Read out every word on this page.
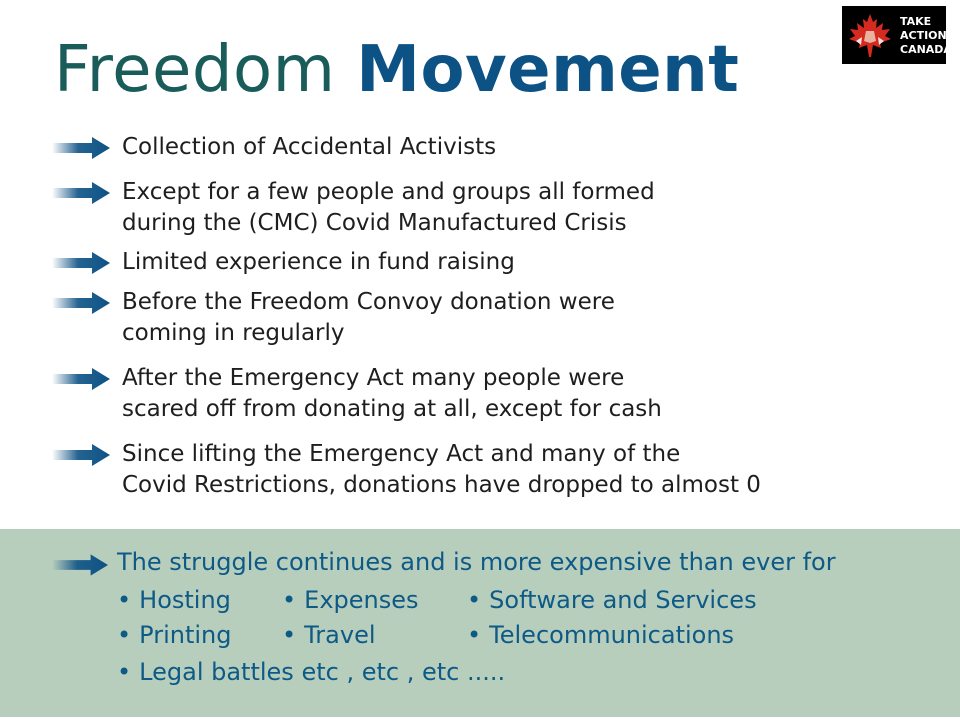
TAKE
ACTION
CANADA
Freedom Movement
Collection of Accidental Activists
Except for a few people and groups all formed
during the (CMC) Covid Manufactured Crisis
Limited experience in fund raising
Before the Freedom Convoy donation were
coming in regularly
After the Emergency Act many people were
scared off from donating at all, except for cash
Since lifting the Emergency Act and many of the
Covid Restrictions, donations have dropped to almost 0
The struggle continues and is more expensive than ever for
• Hosting	• Expenses	• Software and Services
• Printing	• Travel	• Telecommunications
• Legal battles etc , etc , etc .....
